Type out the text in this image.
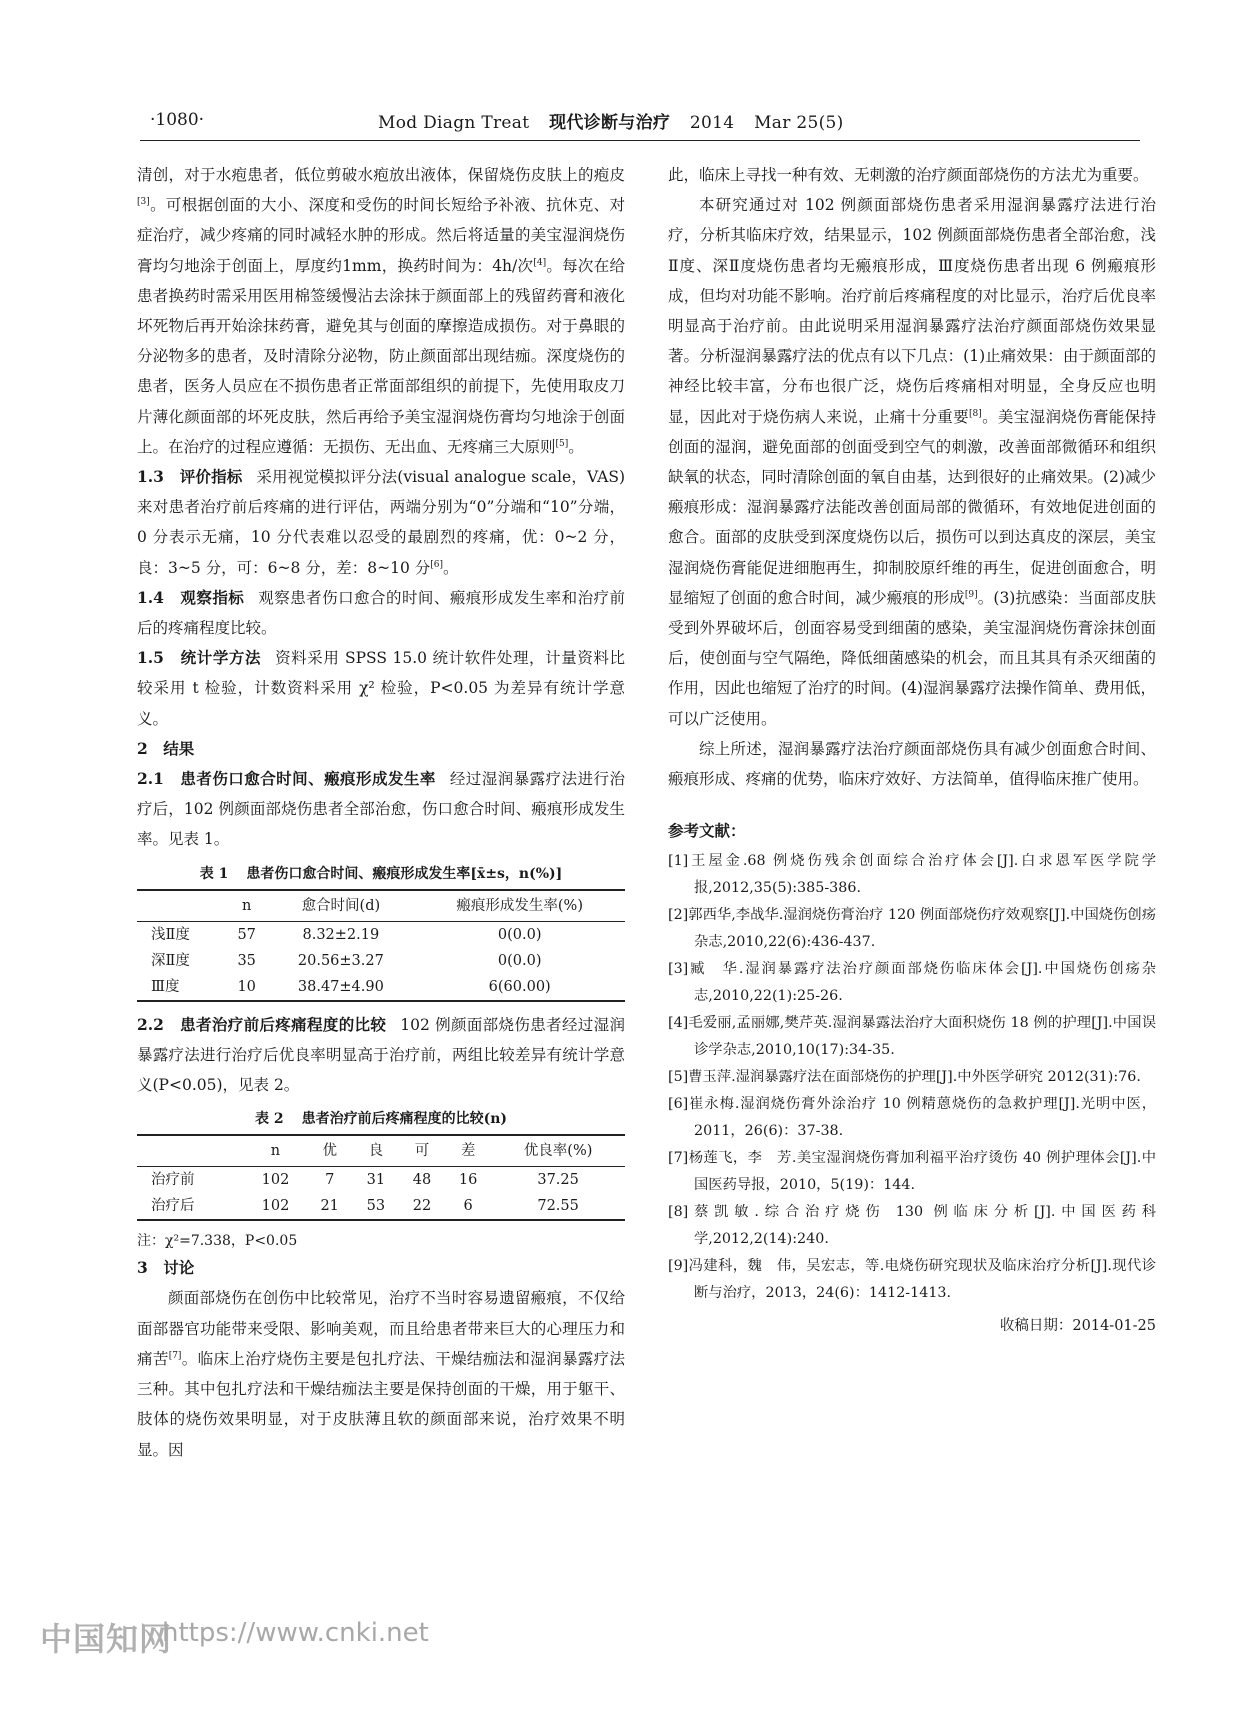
·1080·	Mod Diagn Treat 现代诊断与治疗 2014 Mar 25(5)

清创，对于水疱患者，低位剪破水疱放出液体，保留烧伤皮肤上的疱皮[3]。可根据创面的大小、深度和受伤的时间长短给予补液、抗休克、对症治疗，减少疼痛的同时减轻水肿的形成。然后将适量的美宝湿润烧伤膏均匀地涂于创面上，厚度约1mm，换药时间为：4h/次[4]。每次在给患者换药时需采用医用棉签缓慢沾去涂抹于颜面部上的残留药膏和液化坏死物后再开始涂抹药膏，避免其与创面的摩擦造成损伤。对于鼻眼的分泌物多的患者，及时清除分泌物，防止颜面部出现结痂。深度烧伤的患者，医务人员应在不损伤患者正常面部组织的前提下，先使用取皮刀片薄化颜面部的坏死皮肤，然后再给予美宝湿润烧伤膏均匀地涂于创面上。在治疗的过程应遵循：无损伤、无出血、无疼痛三大原则[5]。

1.3　评价指标 采用视觉模拟评分法(visual analogue scale，VAS)来对患者治疗前后疼痛的进行评估，两端分别为“0”分端和“10”分端，0 分表示无痛，10 分代表难以忍受的最剧烈的疼痛，优：0~2 分，良：3~5 分，可：6~8 分，差：8~10 分[6]。

1.4　观察指标 观察患者伤口愈合的时间、瘢痕形成发生率和治疗前后的疼痛程度比较。

1.5　统计学方法 资料采用 SPSS 15.0 统计软件处理，计量资料比较采用 t 检验，计数资料采用 χ² 检验，P<0.05 为差异有统计学意义。

2　结果

2.1　患者伤口愈合时间、瘢痕形成发生率 经过湿润暴露疗法进行治疗后，102 例颜面部烧伤患者全部治愈，伤口愈合时间、瘢痕形成发生率。见表 1。

表 1 患者伤口愈合时间、瘢痕形成发生率[x̄±s，n(%)]
	n	愈合时间(d)	瘢痕形成发生率(%)
浅Ⅱ度	57	8.32±2.19	0(0.0)
深Ⅱ度	35	20.56±3.27	0(0.0)
Ⅲ度	10	38.47±4.90	6(60.00)

2.2　患者治疗前后疼痛程度的比较 102 例颜面部烧伤患者经过湿润暴露疗法进行治疗后优良率明显高于治疗前，两组比较差异有统计学意义(P<0.05)，见表 2。

表 2 患者治疗前后疼痛程度的比较(n)
	n	优	良	可	差	优良率(%)
治疗前	102	7	31	48	16	37.25
治疗后	102	21	53	22	6	72.55

注：χ²=7.338，P<0.05

3　讨论

颜面部烧伤在创伤中比较常见，治疗不当时容易遗留瘢痕，不仅给面部器官功能带来受限、影响美观，而且给患者带来巨大的心理压力和痛苦[7]。临床上治疗烧伤主要是包扎疗法、干燥结痂法和湿润暴露疗法三种。其中包扎疗法和干燥结痂法主要是保持创面的干燥，用于躯干、肢体的烧伤效果明显，对于皮肤薄且软的颜面部来说，治疗效果不明显。因

此，临床上寻找一种有效、无刺激的治疗颜面部烧伤的方法尤为重要。

本研究通过对 102 例颜面部烧伤患者采用湿润暴露疗法进行治疗，分析其临床疗效，结果显示，102 例颜面部烧伤患者全部治愈，浅Ⅱ度、深Ⅱ度烧伤患者均无瘢痕形成，Ⅲ度烧伤患者出现 6 例瘢痕形成，但均对功能不影响。治疗前后疼痛程度的对比显示，治疗后优良率明显高于治疗前。由此说明采用湿润暴露疗法治疗颜面部烧伤效果显著。分析湿润暴露疗法的优点有以下几点：(1)止痛效果：由于颜面部的神经比较丰富，分布也很广泛，烧伤后疼痛相对明显，全身反应也明显，因此对于烧伤病人来说，止痛十分重要[8]。美宝湿润烧伤膏能保持创面的湿润，避免面部的创面受到空气的刺激，改善面部微循环和组织缺氧的状态，同时清除创面的氧自由基，达到很好的止痛效果。(2)减少瘢痕形成：湿润暴露疗法能改善创面局部的微循环，有效地促进创面的愈合。面部的皮肤受到深度烧伤以后，损伤可以到达真皮的深层，美宝湿润烧伤膏能促进细胞再生，抑制胶原纤维的再生，促进创面愈合，明显缩短了创面的愈合时间，减少瘢痕的形成[9]。(3)抗感染：当面部皮肤受到外界破坏后，创面容易受到细菌的感染，美宝湿润烧伤膏涂抹创面后，使创面与空气隔绝，降低细菌感染的机会，而且其具有杀灭细菌的作用，因此也缩短了治疗的时间。(4)湿润暴露疗法操作简单、费用低，可以广泛使用。

综上所述，湿润暴露疗法治疗颜面部烧伤具有减少创面愈合时间、瘢痕形成、疼痛的优势，临床疗效好、方法简单，值得临床推广使用。

参考文献：
[1]王屋金.68 例烧伤残余创面综合治疗体会[J].白求恩军医学院学报,2012,35(5):385-386.
[2]郭西华,李战华.湿润烧伤膏治疗 120 例面部烧伤疗效观察[J].中国烧伤创疡杂志,2010,22(6):436-437.
[3]臧　华.湿润暴露疗法治疗颜面部烧伤临床体会[J].中国烧伤创疡杂志,2010,22(1):25-26.
[4]毛爱丽,孟丽娜,樊芹英.湿润暴露法治疗大面积烧伤 18 例的护理[J].中国误诊学杂志,2010,10(17):34-35.
[5]曹玉萍.湿润暴露疗法在面部烧伤的护理[J].中外医学研究 2012(31):76.
[6]崔永梅.湿润烧伤膏外涂治疗 10 例精蒽烧伤的急救护理[J].光明中医，2011，26(6)：37-38.
[7]杨莲飞，李　芳.美宝湿润烧伤膏加利福平治疗烫伤 40 例护理体会[J].中国医药导报，2010，5(19)：144.
[8]蔡凯敏.综合治疗烧伤 130 例临床分析[J].中国医药科学,2012,2(14):240.
[9]冯建科，魏　伟，吴宏志，等.电烧伤研究现状及临床治疗分析[J].现代诊断与治疗，2013，24(6)：1412-1413.
收稿日期：2014-01-25
中国知网
https://www.cnki.net
